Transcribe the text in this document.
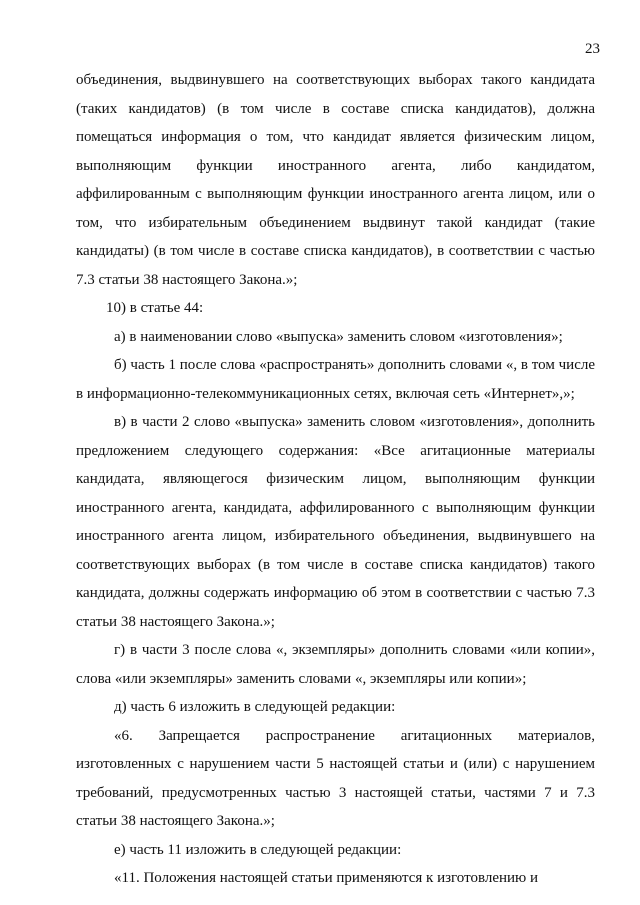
23

объединения, выдвинувшего на соответствующих выборах такого кандидата (таких кандидатов) (в том числе в составе списка кандидатов), должна помещаться информация о том, что кандидат является физическим лицом, выполняющим функции иностранного агента, либо кандидатом, аффилированным с выполняющим функции иностранного агента лицом, или о том, что избирательным объединением выдвинут такой кандидат (такие кандидаты) (в том числе в составе списка кандидатов), в соответствии с частью 7.3 статьи 38 настоящего Закона.»;

10) в статье 44:

а) в наименовании слово «выпуска» заменить словом «изготовления»;

б) часть 1 после слова «распространять» дополнить словами «, в том числе в информационно-телекоммуникационных сетях, включая сеть «Интернет»,»;

в) в части 2 слово «выпуска» заменить словом «изготовления», дополнить предложением следующего содержания: «Все агитационные материалы кандидата, являющегося физическим лицом, выполняющим функции иностранного агента, кандидата, аффилированного с выполняющим функции иностранного агента лицом, избирательного объединения, выдвинувшего на соответствующих выборах (в том числе в составе списка кандидатов) такого кандидата, должны содержать информацию об этом в соответствии с частью 7.3 статьи 38 настоящего Закона.»;

г) в части 3 после слова «, экземпляры» дополнить словами «или копии», слова «или экземпляры» заменить словами «, экземпляры или копии»;

д) часть 6 изложить в следующей редакции:

«6. Запрещается распространение агитационных материалов, изготовленных с нарушением части 5 настоящей статьи и (или) с нарушением требований, предусмотренных частью 3 настоящей статьи, частями 7 и 7.3 статьи 38 настоящего Закона.»;

е) часть 11 изложить в следующей редакции:

«11. Положения настоящей статьи применяются к изготовлению и
